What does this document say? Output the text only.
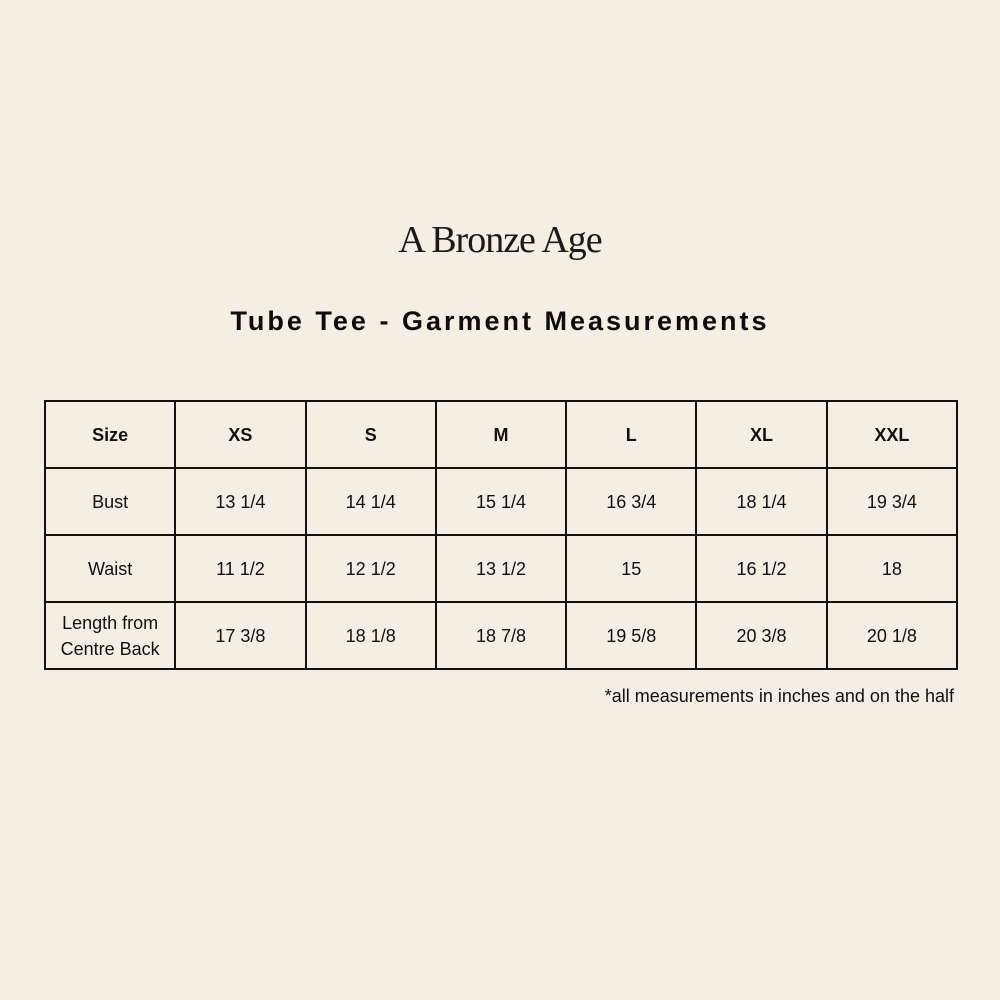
A Bronze Age
Tube Tee - Garment Measurements
Size	XS	S	M	L	XL	XXL
Bust	13 1/4	14 1/4	15 1/4	16 3/4	18 1/4	19 3/4
Waist	11 1/2	12 1/2	13 1/2	15	16 1/2	18
Length from Centre Back	17 3/8	18 1/8	18 7/8	19 5/8	20 3/8	20 1/8
*all measurements in inches and on the half
